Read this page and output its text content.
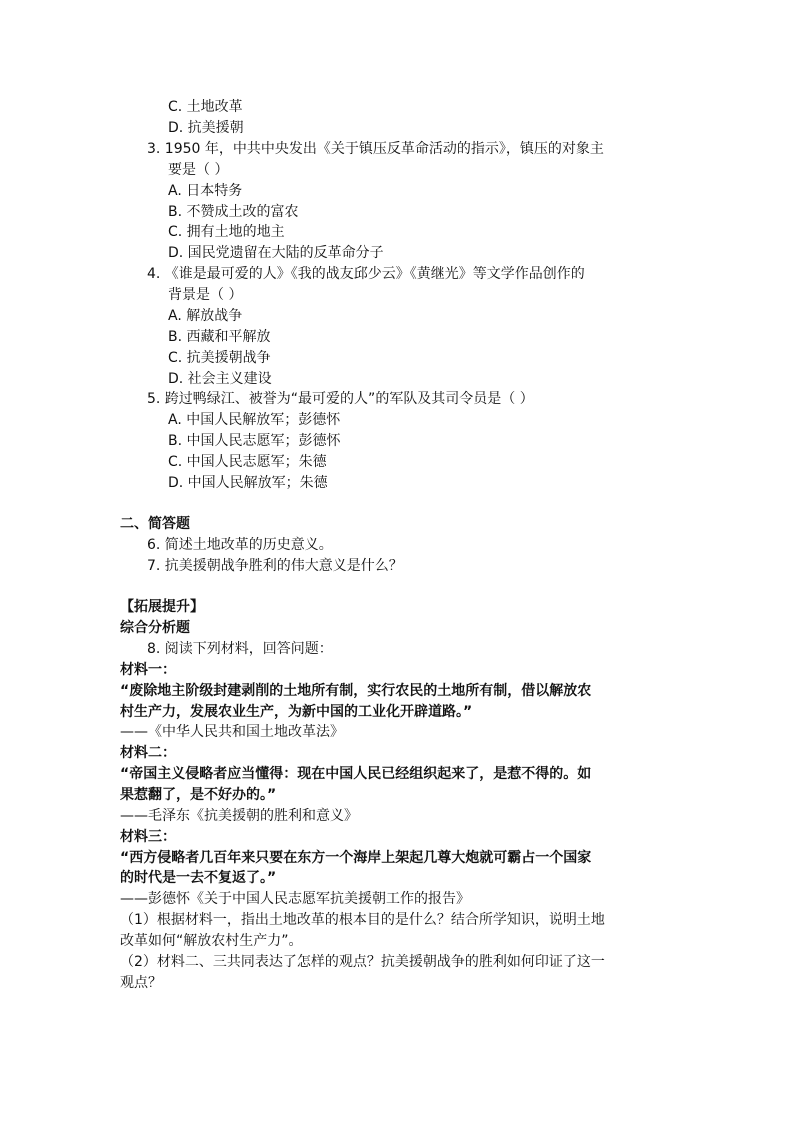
C. 土地改革
D. 抗美援朝
3. 1950 年，中共中央发出《关于镇压反革命活动的指示》，镇压的对象主
要是（ ）
A. 日本特务
B. 不赞成土改的富农
C. 拥有土地的地主
D. 国民党遗留在大陆的反革命分子
4. 《谁是最可爱的人》《我的战友邱少云》《黄继光》等文学作品创作的
背景是（ ）
A. 解放战争
B. 西藏和平解放
C. 抗美援朝战争
D. 社会主义建设
5. 跨过鸭绿江、被誉为“最可爱的人”的军队及其司令员是（ ）
A. 中国人民解放军；彭德怀
B. 中国人民志愿军；彭德怀
C. 中国人民志愿军；朱德
D. 中国人民解放军；朱德
二、简答题
6. 简述土地改革的历史意义。
7. 抗美援朝战争胜利的伟大意义是什么？
【拓展提升】
综合分析题
8. 阅读下列材料，回答问题：
材料一：
“废除地主阶级封建剥削的土地所有制，实行农民的土地所有制，借以解放农
村生产力，发展农业生产，为新中国的工业化开辟道路。”
——《中华人民共和国土地改革法》
材料二：
“帝国主义侵略者应当懂得：现在中国人民已经组织起来了，是惹不得的。如
果惹翻了，是不好办的。”
——毛泽东《抗美援朝的胜利和意义》
材料三：
“西方侵略者几百年来只要在东方一个海岸上架起几尊大炮就可霸占一个国家
的时代是一去不复返了。”
——彭德怀《关于中国人民志愿军抗美援朝工作的报告》
（1）根据材料一，指出土地改革的根本目的是什么？结合所学知识，说明土地
改革如何“解放农村生产力”。
（2）材料二、三共同表达了怎样的观点？抗美援朝战争的胜利如何印证了这一
观点？
